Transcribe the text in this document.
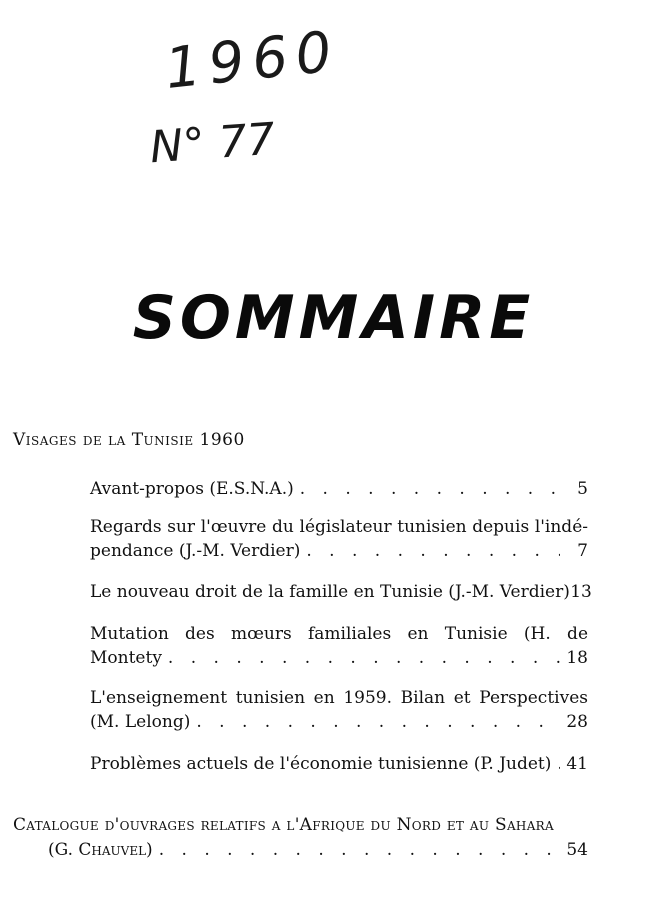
1960
N° 77
SOMMAIRE
Visages de la Tunisie 1960
Avant-propos (E.S.N.A.) . . .	5
Regards sur l'œuvre du législateur tunisien depuis l'indé-
pendance (J.-M. Verdier) . . .	7
Le nouveau droit de la famille en Tunisie (J.-M. Verdier) 13
Mutation des mœurs familiales en Tunisie (H. de
Montety . . .	18
L'enseignement tunisien en 1959. Bilan et Perspectives
(M. Lelong) . . .	28
Problèmes actuels de l'économie tunisienne (P. Judet) . . . 41
Catalogue d'ouvrages relatifs a l'Afrique du Nord et au Sahara
(G. Chauvel) . . .	54
